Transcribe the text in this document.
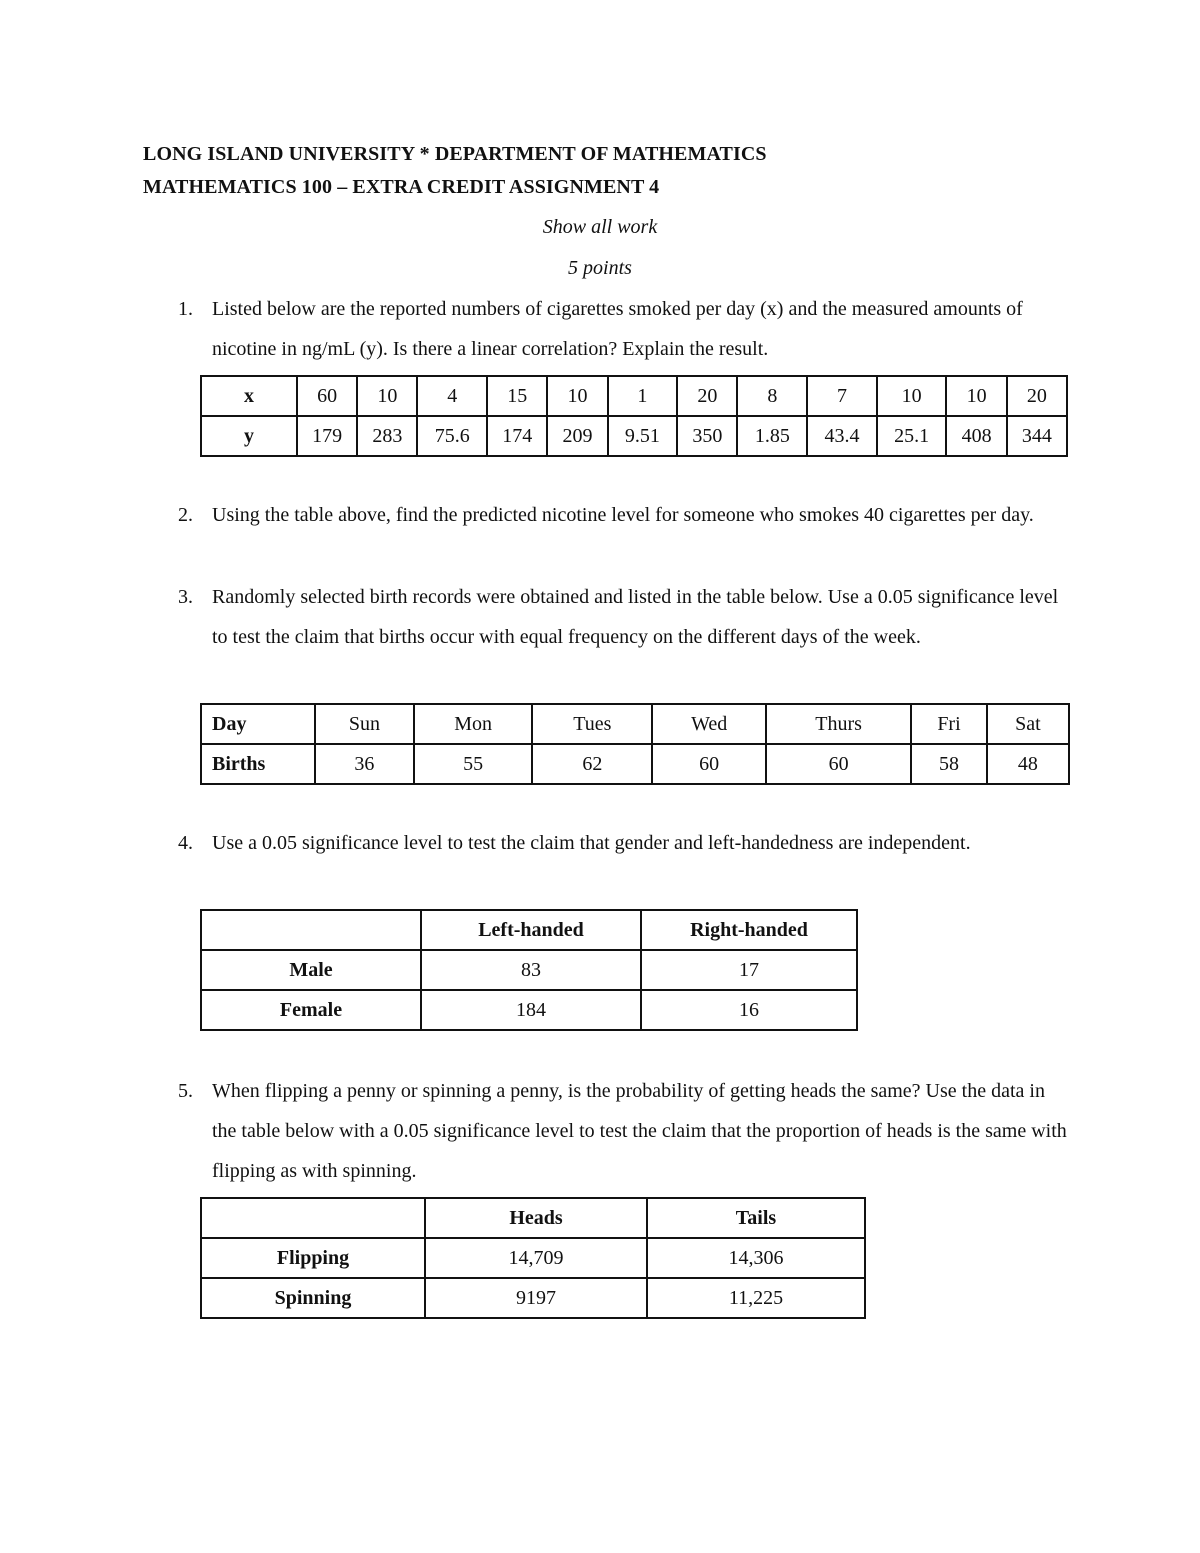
LONG ISLAND UNIVERSITY * DEPARTMENT OF MATHEMATICS
MATHEMATICS 100 – EXTRA CREDIT ASSIGNMENT 4
Show all work
5 points
1. Listed below are the reported numbers of cigarettes smoked per day (x) and the measured amounts of nicotine in ng/mL (y). Is there a linear correlation? Explain the result.
x	60	10	4	15	10	1	20	8	7	10	10	20
y	179	283	75.6	174	209	9.51	350	1.85	43.4	25.1	408	344
2. Using the table above, find the predicted nicotine level for someone who smokes 40 cigarettes per day.
3. Randomly selected birth records were obtained and listed in the table below. Use a 0.05 significance level to test the claim that births occur with equal frequency on the different days of the week.
Day	Sun	Mon	Tues	Wed	Thurs	Fri	Sat
Births	36	55	62	60	60	58	48
4. Use a 0.05 significance level to test the claim that gender and left-handedness are independent.
	Left-handed	Right-handed
Male	83	17
Female	184	16
5. When flipping a penny or spinning a penny, is the probability of getting heads the same? Use the data in the table below with a 0.05 significance level to test the claim that the proportion of heads is the same with flipping as with spinning.
	Heads	Tails
Flipping	14,709	14,306
Spinning	9197	11,225
